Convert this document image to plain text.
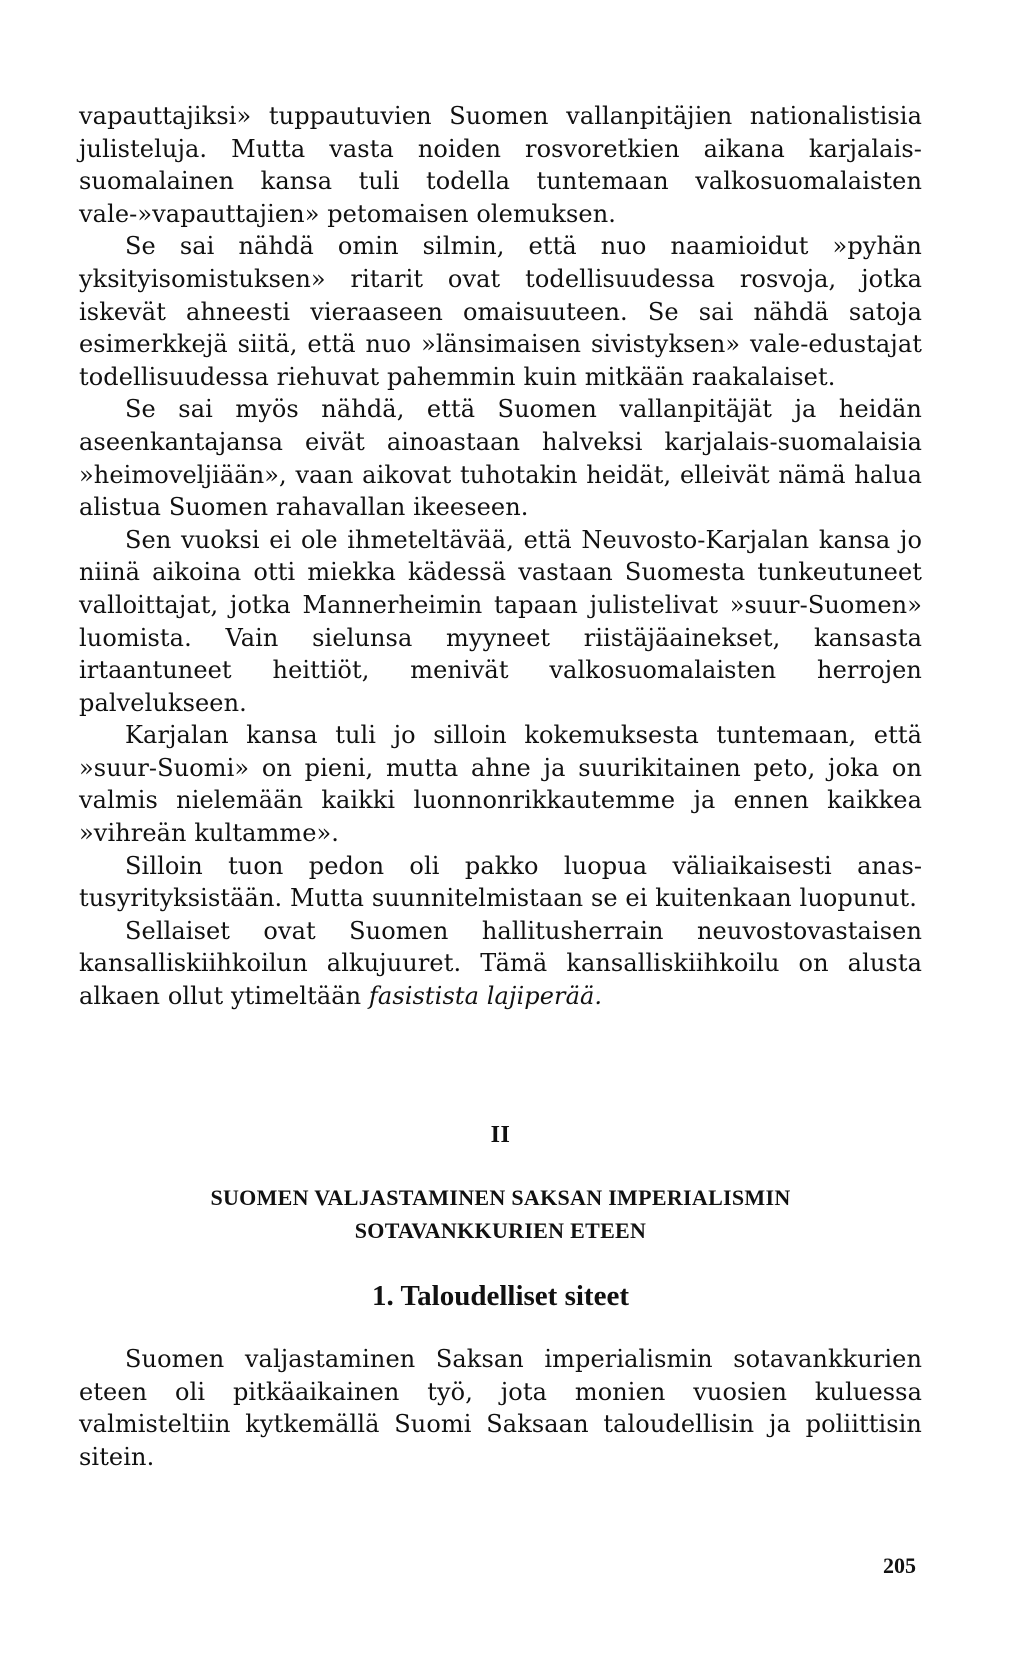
vapauttajiksi» tuppautuvien Suomen vallanpitäjien nationalistisia julisteluja. Mutta vasta noiden rosvoretkien aikana karjalais-suomalainen kansa tuli todella tuntemaan valkosuomalaisten vale-»vapauttajien» petomaisen olemuksen.

Se sai nähdä omin silmin, että nuo naamioidut »pyhän yksityisomistuksen» ritarit ovat todellisuudessa rosvoja, jotka iskevät ahneesti vieraaseen omaisuuteen. Se sai nähdä satoja esimerkkejä siitä, että nuo »länsimaisen sivistyksen» vale-edustajat todellisuudessa riehuvat pahemmin kuin mitkään raakalaiset.

Se sai myös nähdä, että Suomen vallanpitäjät ja heidän aseenkantajansa eivät ainoastaan halveksi karjalais-suomalaisia »heimoveljiään», vaan aikovat tuhotakin heidät, elleivät nämä halua alistua Suomen rahavallan ikeeseen.

Sen vuoksi ei ole ihmeteltävää, että Neuvosto-Karjalan kansa jo niinä aikoina otti miekka kädessä vastaan Suomesta tunkeutuneet valloittajat, jotka Mannerheimin tapaan julistelivat »suur-Suomen» luomista. Vain sielunsa myyneet riistäjäainekset, kansasta irtaantuneet heittiöt, menivät valkosuomalaisten herrojen palvelukseen.

Karjalan kansa tuli jo silloin kokemuksesta tuntemaan, että »suur-Suomi» on pieni, mutta ahne ja suurikitainen peto, joka on valmis nielemään kaikki luonnonrikkautemme ja ennen kaikkea »vihreän kultamme».

Silloin tuon pedon oli pakko luopua väliaikaisesti anastusyrityksistään. Mutta suunnitelmistaan se ei kuitenkaan luopunut.

Sellaiset ovat Suomen hallitusherrain neuvostovastaisen kansalliskiihkoilun alkujuuret. Tämä kansalliskiihkoilu on alusta alkaen ollut ytimeltään fasistista lajiperää.

II
SUOMEN VALJASTAMINEN SAKSAN IMPERIALISMIN
SOTAVANKKURIEN ETEEN
1. Taloudelliset siteet

Suomen valjastaminen Saksan imperialismin sotavankkurien eteen oli pitkäaikainen työ, jota monien vuosien kuluessa valmisteltiin kytkemällä Suomi Saksaan taloudellisin ja poliittisin sitein.

205
